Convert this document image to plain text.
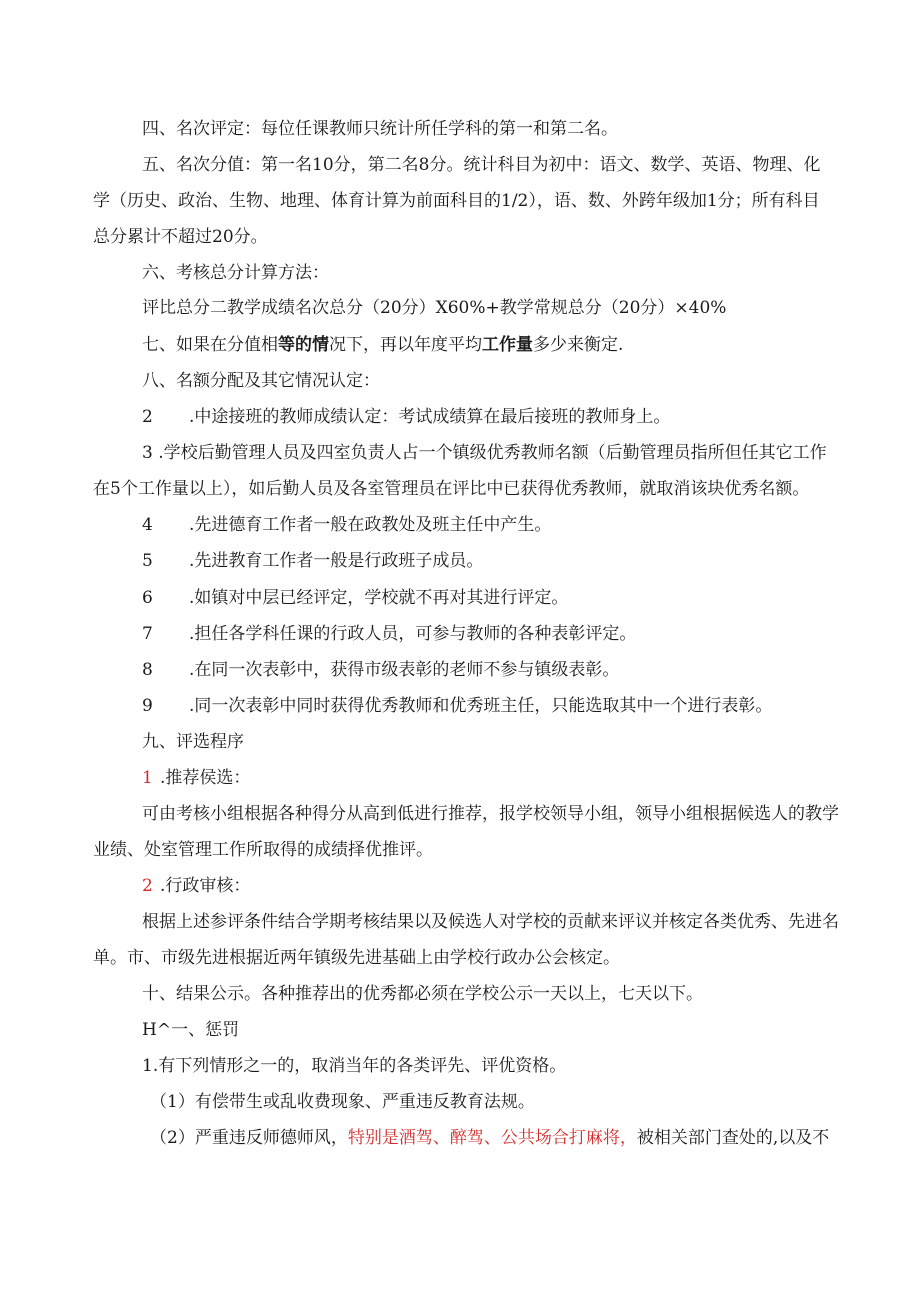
四、名次评定：每位任课教师只统计所任学科的第一和第二名。
五、名次分值：第一名10分，第二名8分。统计科目为初中：语文、数学、英语、物理、化
学（历史、政治、生物、地理、体育计算为前面科目的1/2），语、数、外跨年级加1分；所有科目
总分累计不超过20分。
六、考核总分计算方法：
评比总分二教学成绩名次总分（20分）X60%+教学常规总分（20分）×40%
七、如果在分值相等的情况下，再以年度平均工作量多少来衡定.
八、名额分配及其它情况认定：
2 .中途接班的教师成绩认定：考试成绩算在最后接班的教师身上。
3 .学校后勤管理人员及四室负责人占一个镇级优秀教师名额（后勤管理员指所但任其它工作
在5个工作量以上），如后勤人员及各室管理员在评比中已获得优秀教师，就取消该块优秀名额。
4 .先进德育工作者一般在政教处及班主任中产生。
5 .先进教育工作者一般是行政班子成员。
6 .如镇对中层已经评定，学校就不再对其进行评定。
7 .担任各学科任课的行政人员，可参与教师的各种表彰评定。
8 .在同一次表彰中，获得市级表彰的老师不参与镇级表彰。
9 .同一次表彰中同时获得优秀教师和优秀班主任，只能选取其中一个进行表彰。
九、评选程序
1 .推荐侯选：
可由考核小组根据各种得分从高到低进行推荐，报学校领导小组，领导小组根据候选人的教学
业绩、处室管理工作所取得的成绩择优推评。
2 .行政审核：
根据上述参评条件结合学期考核结果以及候选人对学校的贡献来评议并核定各类优秀、先进名
单。市、市级先进根据近两年镇级先进基础上由学校行政办公会核定。
十、结果公示。各种推荐出的优秀都必须在学校公示一天以上，七天以下。
H^一、惩罚
1.有下列情形之一的，取消当年的各类评先、评优资格。
（1）有偿带生或乱收费现象、严重违反教育法规。
（2）严重违反师德师风，特别是酒驾、醉驾、公共场合打麻将，被相关部门查处的,以及不
